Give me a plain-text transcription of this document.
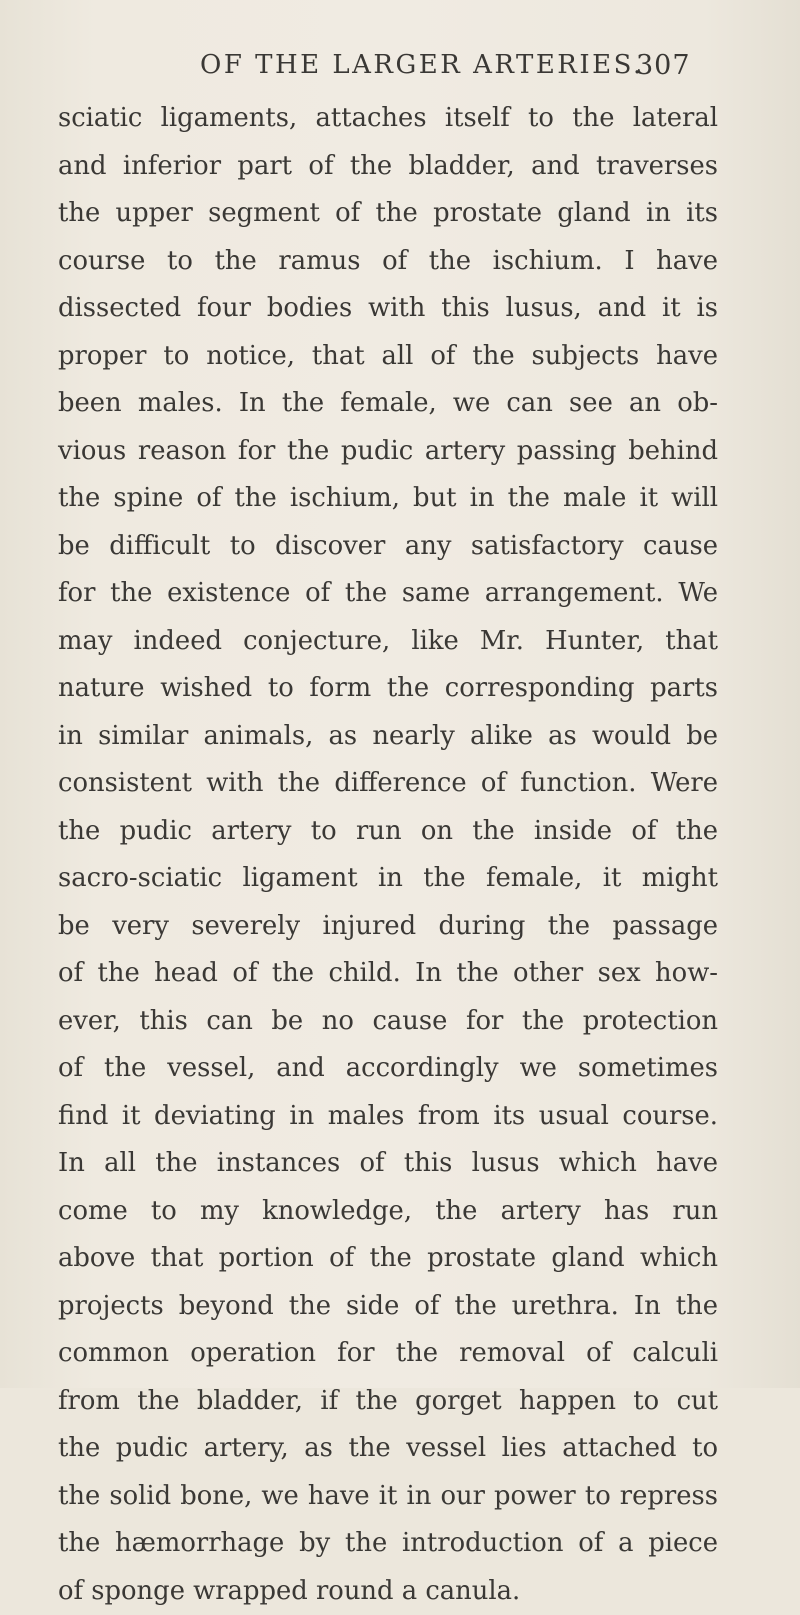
OF THE LARGER ARTERIES.
307
sciatic ligaments, attaches itself to the lateral
and inferior part of the bladder, and traverses
the upper segment of the prostate gland in its
course to the ramus of the ischium. I have
dissected four bodies with this lusus, and it is
proper to notice, that all of the subjects have
been males. In the female, we can see an ob-
vious reason for the pudic artery passing behind
the spine of the ischium, but in the male it will
be difficult to discover any satisfactory cause
for the existence of the same arrangement. We
may indeed conjecture, like Mr. Hunter, that
nature wished to form the corresponding parts
in similar animals, as nearly alike as would be
consistent with the difference of function. Were
the pudic artery to run on the inside of the
sacro-sciatic ligament in the female, it might
be very severely injured during the passage
of the head of the child. In the other sex how-
ever, this can be no cause for the protection
of the vessel, and accordingly we sometimes
find it deviating in males from its usual course.
In all the instances of this lusus which have
come to my knowledge, the artery has run
above that portion of the prostate gland which
projects beyond the side of the urethra. In the
common operation for the removal of calculi
from the bladder, if the gorget happen to cut
the pudic artery, as the vessel lies attached to
the solid bone, we have it in our power to repress
the hæmorrhage by the introduction of a piece
of sponge wrapped round a canula.
